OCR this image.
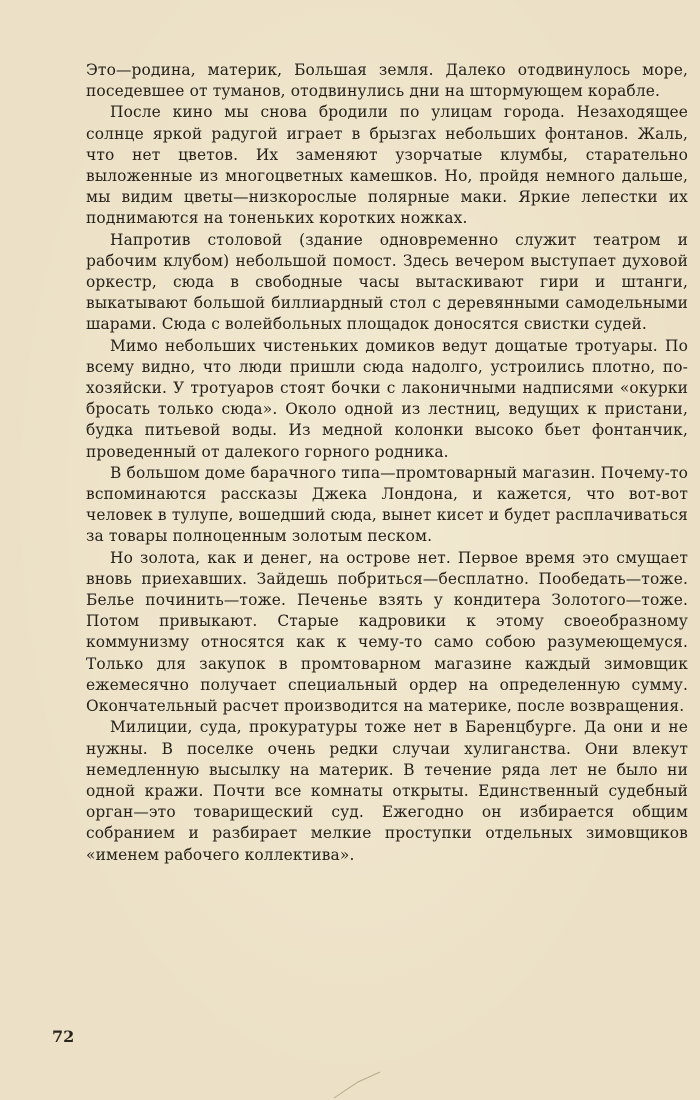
Это—родина, материк, Большая земля. Далеко отодвинулось море, поседевшее от туманов, отодвинулись дни на штормующем корабле.

После кино мы снова бродили по улицам города. Незаходящее солнце яркой радугой играет в брызгах небольших фонтанов. Жаль, что нет цветов. Их заменяют узорчатые клумбы, старательно выложенные из многоцветных камешков. Но, пройдя немного дальше, мы видим цветы—низкорослые полярные маки. Яркие лепестки их поднимаются на тоненьких коротких ножках.

Напротив столовой (здание одновременно служит театром и рабочим клубом) небольшой помост. Здесь вечером выступает духовой оркестр, сюда в свободные часы вытаскивают гири и штанги, выкатывают большой биллиардный стол с деревянными самодельными шарами. Сюда с волейбольных площадок доносятся свистки судей.

Мимо небольших чистеньких домиков ведут дощатые тротуары. По всему видно, что люди пришли сюда надолго, устроились плотно, по-хозяйски. У тротуаров стоят бочки с лаконичными надписями «окурки бросать только сюда». Около одной из лестниц, ведущих к пристани, будка питьевой воды. Из медной колонки высоко бьет фонтанчик, проведенный от далекого горного родника.

В большом доме барачного типа—промтоварный магазин. Почему-то вспоминаются рассказы Джека Лондона, и кажется, что вот-вот человек в тулупе, вошедший сюда, вынет кисет и будет расплачиваться за товары полноценным золотым песком.

Но золота, как и денег, на острове нет. Первое время это смущает вновь приехавших. Зайдешь побриться—бесплатно. Пообедать—тоже. Белье починить—тоже. Печенье взять у кондитера Золотого—тоже. Потом привыкают. Старые кадровики к этому своеобразному коммунизму относятся как к чему-то само собою разумеющемуся. Только для закупок в промтоварном магазине каждый зимовщик ежемесячно получает специальный ордер на определенную сумму. Окончательный расчет производится на материке, после возвращения.

Милиции, суда, прокуратуры тоже нет в Баренцбурге. Да они и не нужны. В поселке очень редки случаи хулиганства. Они влекут немедленную высылку на материк. В течение ряда лет не было ни одной кражи. Почти все комнаты открыты. Единственный судебный орган—это товарищеский суд. Ежегодно он избирается общим собранием и разбирает мелкие проступки отдельных зимовщиков «именем рабочего коллектива».

72
